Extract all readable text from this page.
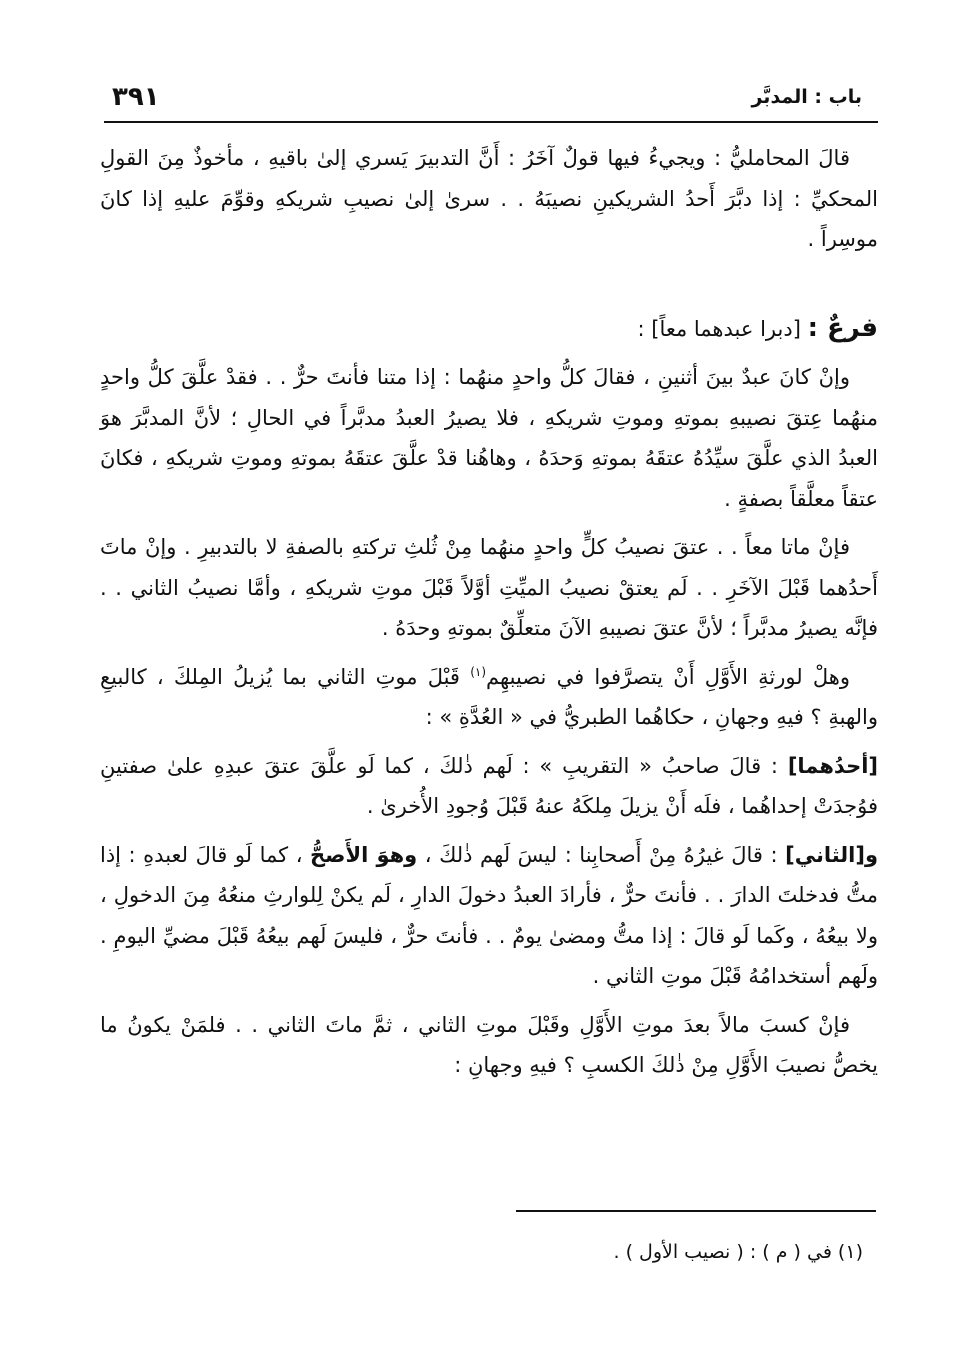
باب : المدبَّر
٣٩١

قالَ المحامليُّ : ويجيءُ فيها قولٌ آخَرُ : أَنَّ التدبيرَ يَسري إلىٰ باقيهِ ، مأخوذٌ مِنَ القولِ المحكيِّ : إذا دبَّرَ أَحدُ الشريكينِ نصيبَهُ . . سرىٰ إلىٰ نصيبِ شريكهِ وقوِّمَ عليهِ إذا كانَ موسِراً .

فرعٌ : [دبرا عبدهما معاً] :

وإنْ كانَ عبدٌ بينَ أثنينِ ، فقالَ كلُّ واحدٍ منهُما : إذا متنا فأنتَ حرٌّ . . فقدْ علَّقَ كلُّ واحدٍ منهُما عِتقَ نصيبهِ بموتهِ وموتِ شريكهِ ، فلا يصيرُ العبدُ مدبَّراً في الحالِ ؛ لأنَّ المدبَّرَ هوَ العبدُ الذي علَّقَ سيِّدُهُ عتقَهُ بموتهِ وَحدَهُ ، وهاهُنا قدْ علَّقَ عتقَهُ بموتهِ وموتِ شريكهِ ، فكانَ عتقاً معلَّقاً بصفةٍ .

فإنْ ماتا معاً . . عتقَ نصيبُ كلٍّ واحدٍ منهُما مِنْ ثُلثِ تركتهِ بالصفةِ لا بالتدبيرِ . وإنْ ماتَ أَحدُهما قَبْلَ الآخَرِ . . لَم يعتقْ نصيبُ الميِّتِ أوَّلاً قَبْلَ موتِ شريكهِ ، وأمَّا نصيبُ الثاني . . فإنَّه يصيرُ مدبَّراً ؛ لأنَّ عتقَ نصيبهِ الآنَ متعلِّقٌ بموتهِ وحدَهُ .

وهلْ لورثةِ الأَوَّلِ أَنْ يتصرَّفوا في نصيبهِم$^{(١)}$ قَبْلَ موتِ الثاني بما يُزيلُ المِلكَ ، كالبيعِ والهبةِ ؟ فيهِ وجهانِ ، حكاهُما الطبريُّ في « العُدَّةِ » :

[أحدُهما] : قالَ صاحبُ « التقريبِ » : لَهم ذٰلكَ ، كما لَو علَّقَ عتقَ عبدِهِ علىٰ صفتينِ فوُجدَتْ إحداهُما ، فلَه أَنْ يزيلَ مِلكَهُ عنهُ قَبْلَ وُجودِ الأُخرىٰ .

و[الثاني] : قالَ غيرُهُ مِنْ أَصحابِنا : ليسَ لَهم ذٰلكَ ، وهوَ الأَصحُّ ، كما لَو قالَ لعبدهِ : إذا متُّ فدخلتَ الدارَ . . فأنتَ حرٌّ ، فأرادَ العبدُ دخولَ الدارِ ، لَم يكنْ لِلوارثِ منعُهُ مِنَ الدخولِ ، ولا بيعُهُ ، وكَما لَو قالَ : إذا متُّ ومضىٰ يومٌ . . فأنتَ حرٌّ ، فليسَ لَهم بيعُهُ قَبْلَ مضيِّ اليومِ . ولَهم أستخدامُهُ قَبْلَ موتِ الثاني .

فإنْ كسبَ مالاً بعدَ موتِ الأَوَّلِ وقَبْلَ موتِ الثاني ، ثمَّ ماتَ الثاني . . فلمَنْ يكونُ ما يخصُّ نصيبَ الأَوَّلِ مِنْ ذٰلكَ الكسبِ ؟ فيهِ وجهانِ :

(١) في ( م ) : ( نصيب الأول ) .
